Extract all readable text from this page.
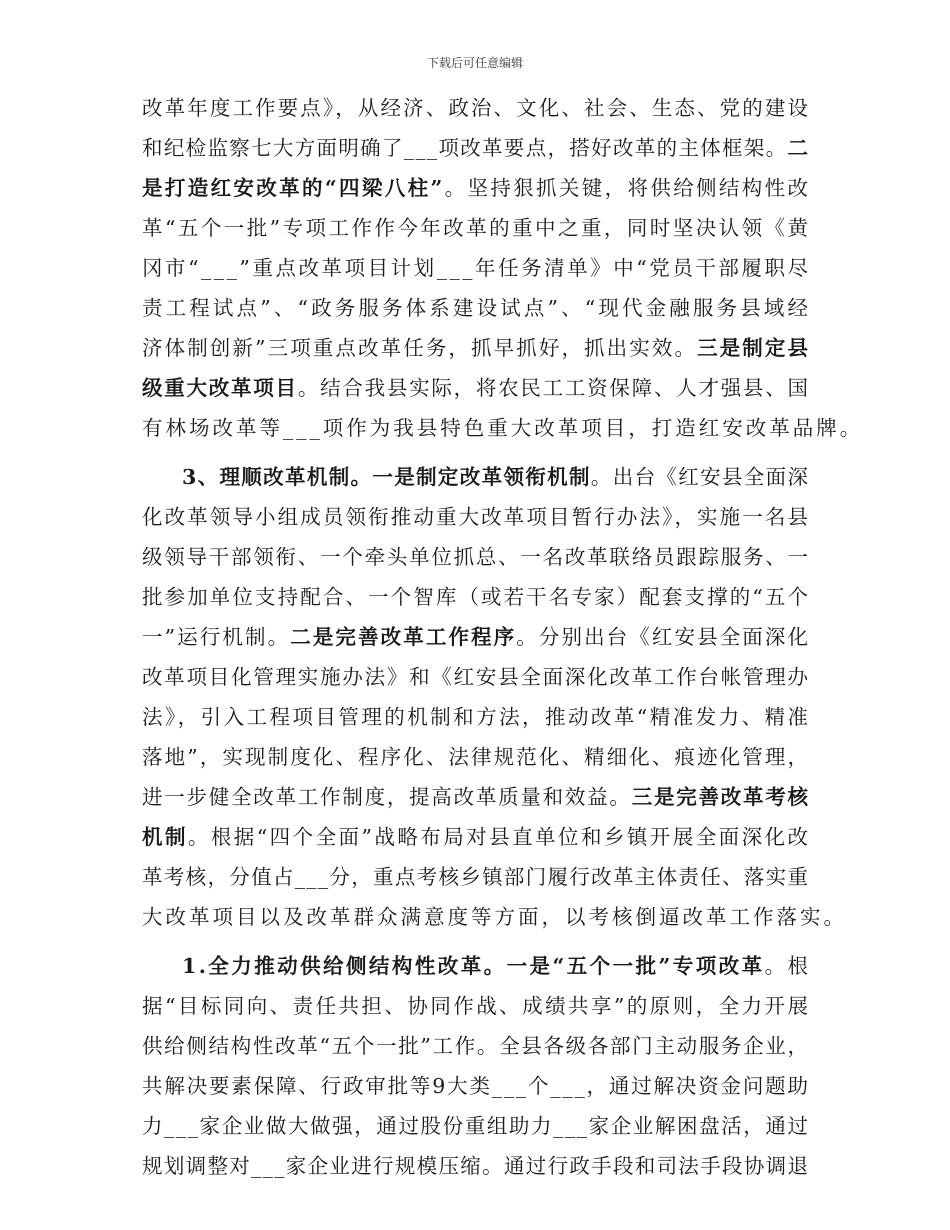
下载后可任意编辑
改革年度工作要点》，从经济、政治、文化、社会、生态、党的建设
和纪检监察七大方面明确了___项改革要点，搭好改革的主体框架。二
是打造红安改革的“四梁八柱”。坚持狠抓关键，将供给侧结构性改
革“五个一批”专项工作作今年改革的重中之重，同时坚决认领《黄
冈市“___”重点改革项目计划___年任务清单》中“党员干部履职尽
责工程试点”、“政务服务体系建设试点”、“现代金融服务县域经
济体制创新”三项重点改革任务，抓早抓好，抓出实效。三是制定县
级重大改革项目。结合我县实际，将农民工工资保障、人才强县、国
有林场改革等___项作为我县特色重大改革项目，打造红安改革品牌。
3、理顺改革机制。一是制定改革领衔机制。出台《红安县全面深
化改革领导小组成员领衔推动重大改革项目暂行办法》，实施一名县
级领导干部领衔、一个牵头单位抓总、一名改革联络员跟踪服务、一
批参加单位支持配合、一个智库（或若干名专家）配套支撑的“五个
一”运行机制。二是完善改革工作程序。分别出台《红安县全面深化
改革项目化管理实施办法》和《红安县全面深化改革工作台帐管理办
法》，引入工程项目管理的机制和方法，推动改革“精准发力、精准
落地”，实现制度化、程序化、法律规范化、精细化、痕迹化管理，
进一步健全改革工作制度，提高改革质量和效益。三是完善改革考核
机制。根据“四个全面”战略布局对县直单位和乡镇开展全面深化改
革考核，分值占___分，重点考核乡镇部门履行改革主体责任、落实重
大改革项目以及改革群众满意度等方面，以考核倒逼改革工作落实。
1.全力推动供给侧结构性改革。一是“五个一批”专项改革。根
据“目标同向、责任共担、协同作战、成绩共享”的原则，全力开展
供给侧结构性改革“五个一批”工作。全县各级各部门主动服务企业，
共解决要素保障、行政审批等9大类___个___，通过解决资金问题助
力___家企业做大做强，通过股份重组助力___家企业解困盘活，通过
规划调整对___家企业进行规模压缩。通过行政手段和司法手段协调退
